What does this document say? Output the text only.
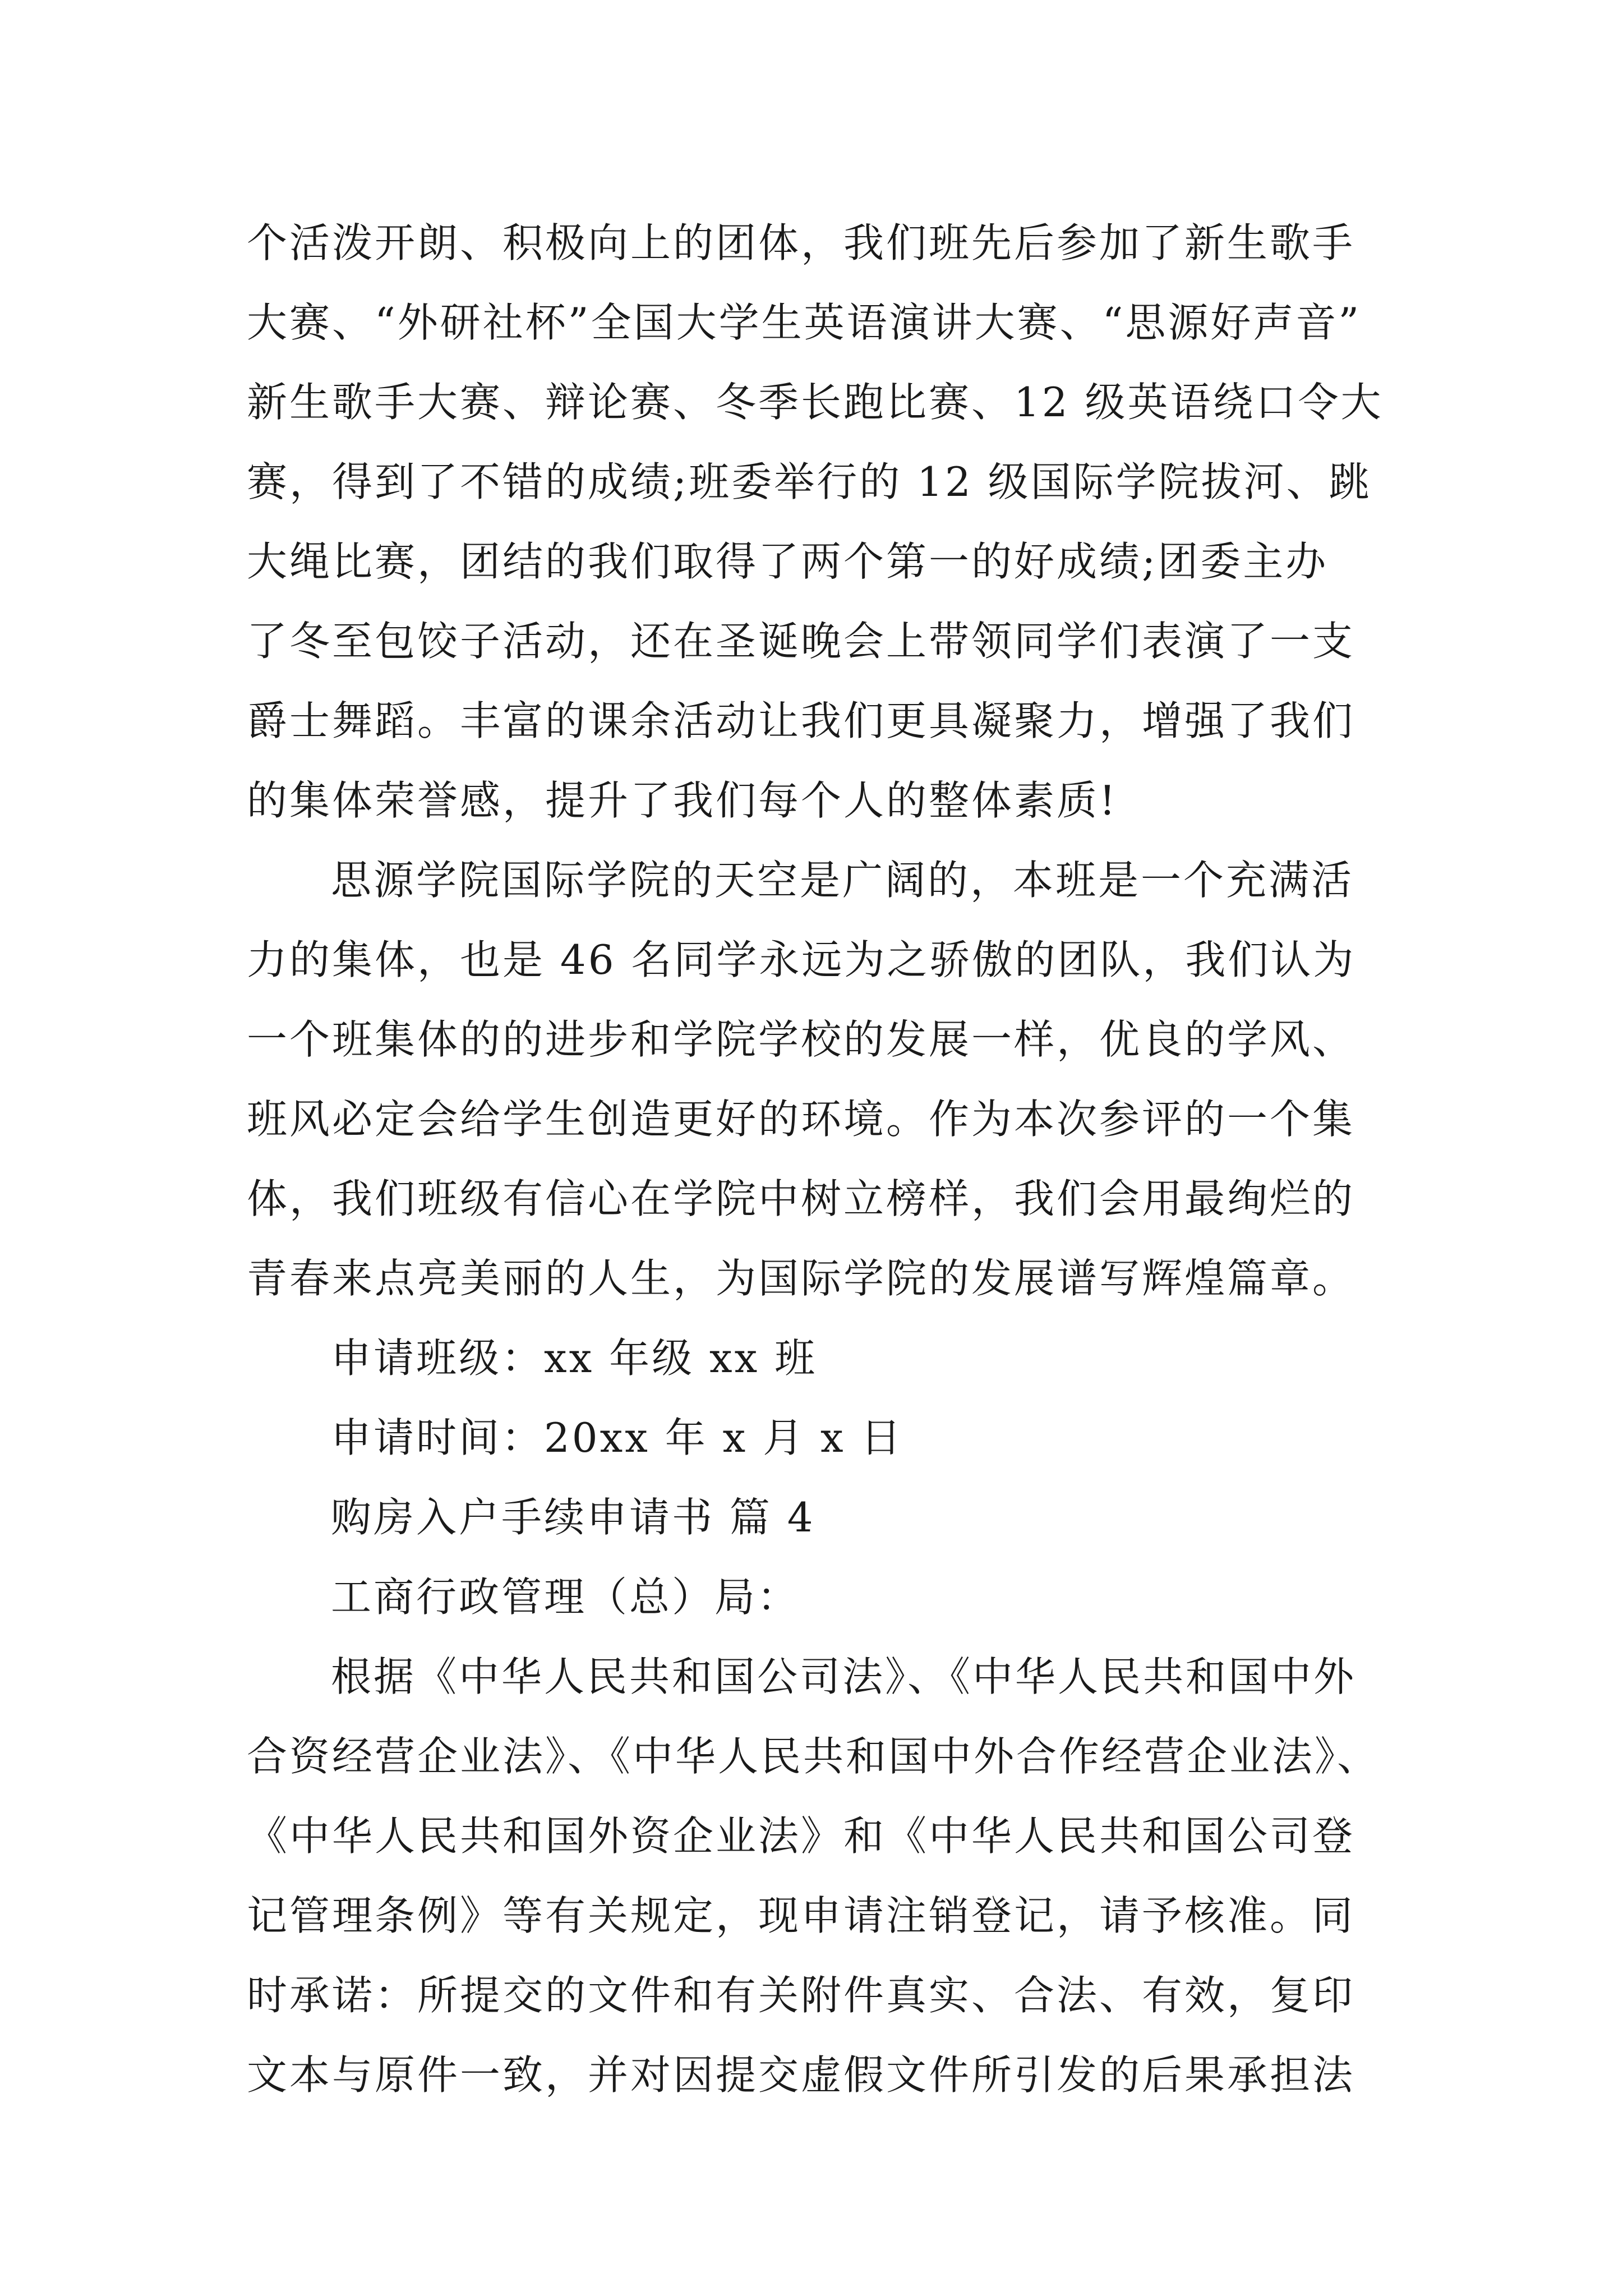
个活泼开朗、积极向上的团体，我们班先后参加了新生歌手
大赛、“外研社杯”全国大学生英语演讲大赛、“思源好声音”
新生歌手大赛、辩论赛、冬季长跑比赛、12 级英语绕口令大
赛，得到了不错的成绩;班委举行的 12 级国际学院拔河、跳
大绳比赛，团结的我们取得了两个第一的好成绩;团委主办
了冬至包饺子活动，还在圣诞晚会上带领同学们表演了一支
爵士舞蹈。丰富的课余活动让我们更具凝聚力，增强了我们
的集体荣誉感，提升了我们每个人的整体素质!
思源学院国际学院的天空是广阔的，本班是一个充满活
力的集体，也是 46 名同学永远为之骄傲的团队，我们认为
一个班集体的的进步和学院学校的发展一样，优良的学风、
班风必定会给学生创造更好的环境。作为本次参评的一个集
体，我们班级有信心在学院中树立榜样，我们会用最绚烂的
青春来点亮美丽的人生，为国际学院的发展谱写辉煌篇章。
申请班级：xx 年级 xx 班
申请时间：20xx 年 x 月 x 日
购房入户手续申请书 篇 4
工商行政管理（总）局：
根据《中华人民共和国公司法》、《中华人民共和国中外
合资经营企业法》、《中华人民共和国中外合作经营企业法》、
《中华人民共和国外资企业法》和《中华人民共和国公司登
记管理条例》等有关规定，现申请注销登记，请予核准。同
时承诺：所提交的文件和有关附件真实、合法、有效，复印
文本与原件一致，并对因提交虚假文件所引发的后果承担法
